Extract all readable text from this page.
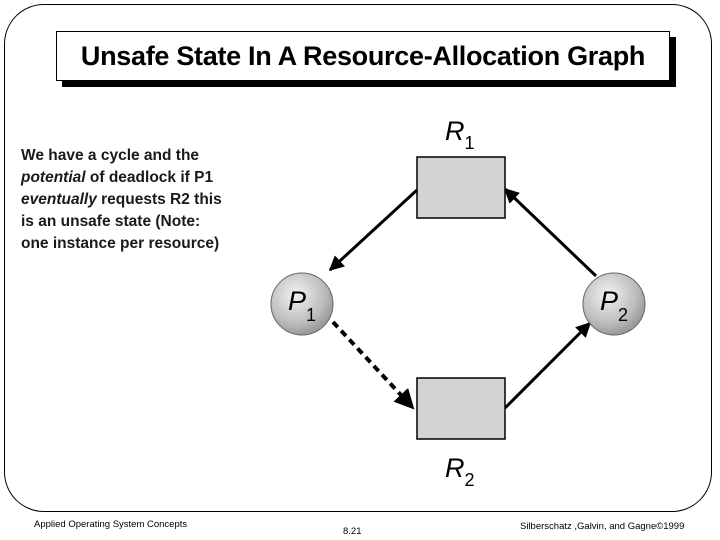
Unsafe State In A Resource-Allocation Graph
We have a cycle and the
potential of deadlock if P1
eventually requests R2 this
is an unsafe state (Note:
one instance per resource)
$R_1$
$R_2$
$P_1$	$P_2$
Applied Operating System Concepts
8.21	Silberschatz ,Galvin, and Gagne©1999
